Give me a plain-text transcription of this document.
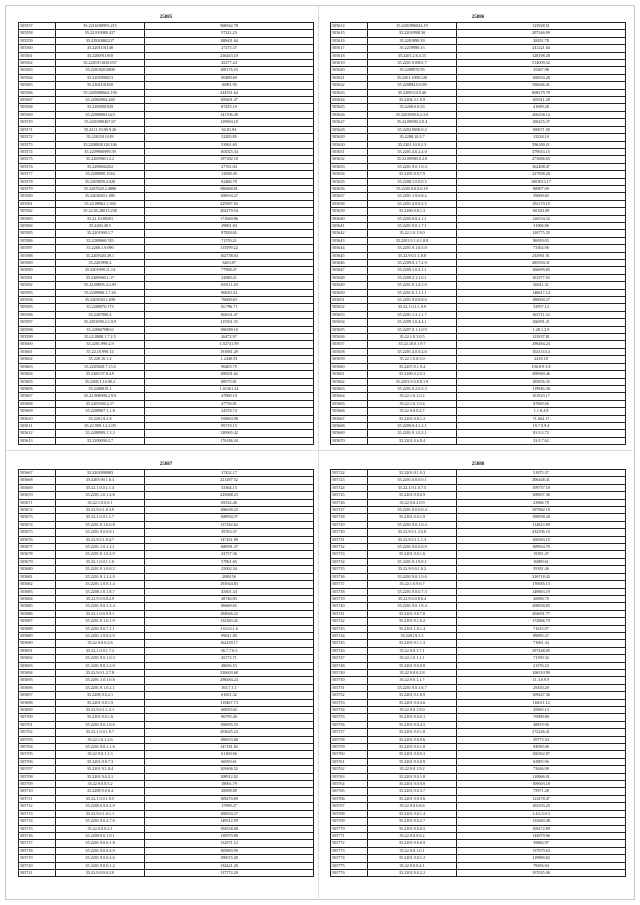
25885
505557	35.2216100993.215	568942.78
505558	35.22.910089.437	57321.23
505559	35.22920882217	180601.64
505560	35.2201101148	27275.37
505561	35.2280911910	236443.10
505562	35.2201911029.037	45277.24
505563	35.2201920.6800	100176.53
505564	35.2201890213	90489.69
505565	35.2204101650	16981.95
505566	35.2205908662.105	244761.64
505567	35.22002904.240	109401.47
505568	35.2205891929	87455.10
505569	35.22908983.023	141706.49
505570	35.2201900467.67	129963.10
505571	35.2211.10.90.9.26	62.81.84
505572	35.2201101.019	52285.85
505573	35.2208920128.106	53901.65
505574	35.2209960999.59	163025.34
505575	35.2209960.12.2	197382.18
505576	35.2209602452	27761.04
505577	35.2208900.1544	12698.49
505578	35.2205809.4.020	92486.79
505579	35.2207020.2.4886	386868.81
505580	35.2203020.1.085	168954.27
505581	35.22.08962.1.360	225987.04
505582	35.22.05.20013.258	204279.54
505583	35.22.10.89201	171669.86
505584	35.2200.48.5	29801.84
505585	35.2201900.1.7	97828.65
505586	35.2209960.745	71576.21
505587	35.2200.1.9.090	115599.22
505588	35.2205020.39.1	162758.04
505589	35.2201990.2	3463.87
505590	35.2201990.11.14	77908.47
505591	35.2208960.1.17	32680.21
505592	35.22.08905.4.2.93	169111.29
505593	35.2209960.1.7.20	96810.34
505594	35.2205020.1.039	76608.63
505595	35.2209070.173	92.796.71
505596	35.2207080.4	102631.47
505597	35.2201090.2.1.9.9	115501.55
505598	35.220607080.0	196589.10
505599	35.22.0808.1.7.2.5	26472.97
505600	35.2201.990.2.9	1.02741.99
505601	35.22.10.990.14	191881.29
505602	35.220.10.1.2	1.2440.93
505603	35.2205020.7.15.0	96405.75
505604	35.2200.97.8.4.9	100601.62
505605	35.2208.1.10.90.2	88575.81
505606	35.2208919.1	1.01361.34
505607	35.22.908900.2.9.9	47800.19
505608	35.2205920.2.17	47756.81
505609	35.2208907.1.1.8	24376.74
505610	35.2201.9.2.9	150863.98
505611	35.22.909.1.2.2.09	99719.15
505612	35.2208909.1.3.3	120965.42
505613	35.2209090.2.7	176186.44
25886
505614	35.2201896022.19	123928.51
505615	35.2201890130	207346.99
505616	35.2201890.39	28291.78
505617	35.2210980.13	241221.04
505618	35.2201.2.6.4.15	128198.20
505619	35.2201.9.0901.7	514009.32
505620	35.2208970.95	35467.98
505621	35.2201.1000.120	160654.28
505622	35.220894.0.0.89	296046.41
505623	35.2209.0.0.9.40	808279.79
505624	35.2204.3.1.0.9	169311.28
505625	35.2200.0.8.33	41699.28
505626	35.2201990.0.2.3.0	206258.12
505627	35.22.08900.2.0.4	100225.37
505628	35.2202.0000.0.2	100071.50
505629	35.2208.10.3.7	12218.10
505630	35.2201.10.0.2.3	596180.21
505631	35.2201.4.0.2.4.0	479633.15
505632	35.22.08900.0.2.8	473686.65
505633	35.2201.9.0.1.0.4	362408.47
505634	35.2205.0.9.7.9	227908.20
505635	35.2208.1.0.8.0.5	1003013.17
505636	35.2205.0.8.8.0.18	88907.09
505637	35.2201.1.9.0.8.2	59608.82
505638	35.2201.4.0.0.2.5	192170.10
505639	35.2200.0.8.1.3	60.923.08
505640	35.2205.0.8.2.1.1	126554.32
505641	35.2201.9.0.1.7.1	31906.86
505642	35.22.1.0.1.9.0	120775.35
505643	35.2201.9.1.0.1.8.8	86939.03
505644	35.2201.9.1.0.5.0	73302.96
505645	35.22.9.0.1.1.8.8	233961.91
505646	35.2209.0.1.7.4.9	285594.31
505647	35.2209.1.0.2.1.1	166699.85
505648	35.2209.2.1.1.0.1	161977.03
505649	35.2201.9.1.4.5.0	26921.31
505650	35.2201.0.1.1.1.1	148617.14
505651	35.2201.9.0.0.8.0	180094.27
505652	35.22.1.0.1.1.9.9	52957.12
505653	35.2201.1.3.1.1.7	163711.52
505654	35.2209.1.0.4.4.1	166091.21
505655	35.2207.0.1.1.0.9	1.28.1.2.9
505656	35.22.1.0.3.0.5	123937.81
505657	35.22.10.0.1.9.7	298484.24
505658	35.2201.4.0.0.2.6	1025.0.0.4
505659	35.22.1.0.8.5.0	2418.18
505660	35.2207.0.1.9.4	106.8.9.3.8
505661	35.2200.0.2.5.3	498960.46
505662	35.2201.9.0.0.8.1.9	185836.35
505663	35.2201.9.2.0.3.3	119946.38
505664	35.22.1.0.1.0.2	161823.17
505665	35.22.1.0.1.9.4	87669.66
505666	35.22.9.0.0.2.7	1.1.8.4.8
505667	35.2201.0.8.1.2	71.664.17
505668	35.2209.0.4.1.2.1	19.7.9.9.4
505669	35.2201.9.1.0.2.1	83.9.2.72
505670	35.2201.0.6.9.4	33.9.7.62
25887
505667	35.2201890983	37452.17
505668	35.2205.90.1.0.3	221487.52
505669	35.22.1.0.0.1.1.4	33364.15
505670	35.2201.1.0.1.2.8	225688.23
505671	35.22.1.0.0.0.1	69332.46
505672	35.22.9.0.1.0.3.9	106638.22
505673	35.22.1.0.0.1.1.7	168994.37
505674	35.2201.9.1.0.6.8	137282.62
505675	35.2201.9.0.0.8.1	39763.37
505676	35.22.9.0.1.0.4.7	147261.89
505677	35.2201.1.0.1.2.1	168991.37
505678	35.2201.9.1.0.2.9	43757.36
505679	35.22.1.0.0.1.1.0	57801.65
505680	35.2201.9.1.0.0.2	25002.34
505681	35.2201.9.1.1.2.0	2088.56
505682	35.2201.1.0.9.1.4	193944.83
505683	35.2208.1.0.1.8.7	45601.34
505684	35.22.9.0.0.8.2.9	48746.83
505685	35.2201.9.0.1.3.4	86669.65
505686	35.22.1.0.0.9.9.1	194946.22
505687	35.2201.9.1.0.1.9	132383.42
505688	35.2201.9.0.7.1.1	1.0.6.0.1.6
505689	35.2201.1.0.9.2.9	99021.80
505690	35.22.9.0.0.2.6	162439.17
505691	35.22.1.0.9.1.7.2	36.7.7.6.3
505692	35.2201.9.0.1.0.3	45172.71
505693	35.2201.9.0.1.2.9	48656.53
505694	35.22.9.0.1.2.7.8	330603.68
505695	35.2201.1.0.1.0.8	298484.24
505696	35.2201.9.1.0.2.1	163.7.1.1
505697	35.2208.9.0.2.1	61651.32
505698	35.2201.9.0.1.9	119467.73
505699	35.22.9.0.1.1.2.1	60819.02
505700	35.2201.9.0.1.6	96795.40
505701	35.2201.9.0.1.8.6	196995.55
505702	35.22.1.0.0.1.8.7	203625.23
505703	35.22.1.0.1.2.6	180633.68
505704	35.2201.9.0.1.1.6	147181.82
505705	35.22.9.0.1.1.3	61369.66
505706	35.2201.9.0.7.3	66959.61
505707	35.2201.9.1.0.4	109406.52
505708	35.2201.9.0.2.1	108912.02
505709	35.22.9.0.8.5.2	18061.79
505710	35.2208.9.0.0.4	28698.89
505711	35.22.1.0.0.1.9.5	189470.69
505712	35.2209.0.9.0.2.9	17999.27
505713	35.22.9.0.1.0.1.1	100034.27
505714	35.2201.9.0.2.7.6	149912.59
505715	35.22.9.0.0.2.1	194558.68
505716	35.2200.9.0.1.9.1	139970.88
505717	35.2201.9.0.0.1.8	132971.12
505718	35.2201.9.0.0.4.9	105883.99
505719	35.2201.9.0.0.4.6	190015.20
505720	35.2201.9.0.0.1.2	134421.20
505721	35.22.9.0.9.0.2.0	137772.20
25888
505722	35.2201.0.1.9.3	51875.37
505723	35.2201.0.0.0.0.1	206448.41
505724	35.22.1.0.1.0.7.5	109757.18
505725	35.2201.9.0.6.9	108907.36
505726	35.22.9.0.2.0.9	23966.79
505727	35.2201.0.0.0.0.4	397962.18
505728	35.2201.0.0.1.9	190858.20
505729	35.2201.9.0.1.0.4	114823.89
505730	35.22.9.0.1.3.5.8	432596.10
505731	35.22.9.0.1.1.1.3	166563.10
505732	35.2201.9.0.0.0.9	109954.79
505733	35.2201.9.0.1.6	19391.47
505734	35.2201.9.1.9.0.1	16889.61
505735	35.22.9.0.0.1.0.2	59181.46
505736	35.2201.9.0.1.9.6	216718.42
505737	35.22.1.0.9.0.7	170685.13
505738	35.2201.9.0.0.7.3	149863.19
505739	35.22.9.0.0.8.6.4	20096.70
505740	35.2201.9.0.1.9.4	208858.85
505741	35.2201.9.0.7.8	204691.77
505742	35.2201.9.1.0.2	172866.70
505743	35.2201.1.0.1.4	71615.07
505744	35.2201.9.1.3	89095.47
505745	35.2201.9.1.1.3	71691.34
505746	35.22.9.0.1.7.1	297448.05
505747	35.22.1.0.1.1.1	71199.34
505748	35.2201.9.0.0.8	21576.23
505749	35.22.9.0.0.2.8	106510.99
505750	35.22.9.0.1.1.7	11.3.0.9.9
505751	35.2201.9.0.1.6.7	29430.20
505752	35.2201.9.1.0.9	109447.36
505753	35.2201.9.0.4.6	116011.12
505754	35.22.9.0.1.9.0	29965.13
505755	35.2201.9.0.0.1	70008.80
505756	35.2201.9.0.4.5	48819.96
505757	35.2201.9.0.1.8	272246.41
505758	35.2201.9.0.9.6	59773.54
505759	35.2201.9.0.1.8	94930.00
505760	35.2201.9.0.0.3	160362.87
505761	35.2201.9.0.0.9	63805.96
505762	35.22.9.0.1.9.2	73626.98
505763	35.2201.9.0.1.8	110966.01
505764	35.2201.9.0.9.0	109603.18
505765	35.2201.9.0.3.7	75971.28
505766	35.2201.9.0.9.6	123478.47
505767	35.22.9.0.0.8.6	102393.25
505768	35.2201.9.0.1.4	1.4.6.3.0.3
505769	35.2201.9.0.2.7	133669.48
505770	35.2201.9.0.0.5	109472.80
505771	35.22.9.0.9.0.2	144879.96
505772	35.2201.9.0.0.9	39884.97
505773	35.22.9.0.1.0.1	137979.63
505774	35.2201.9.0.1.2	119988.82
505775	35.22.9.0.0.4.1	79256.04
505776	35.2201.9.0.2.2	197025.06
